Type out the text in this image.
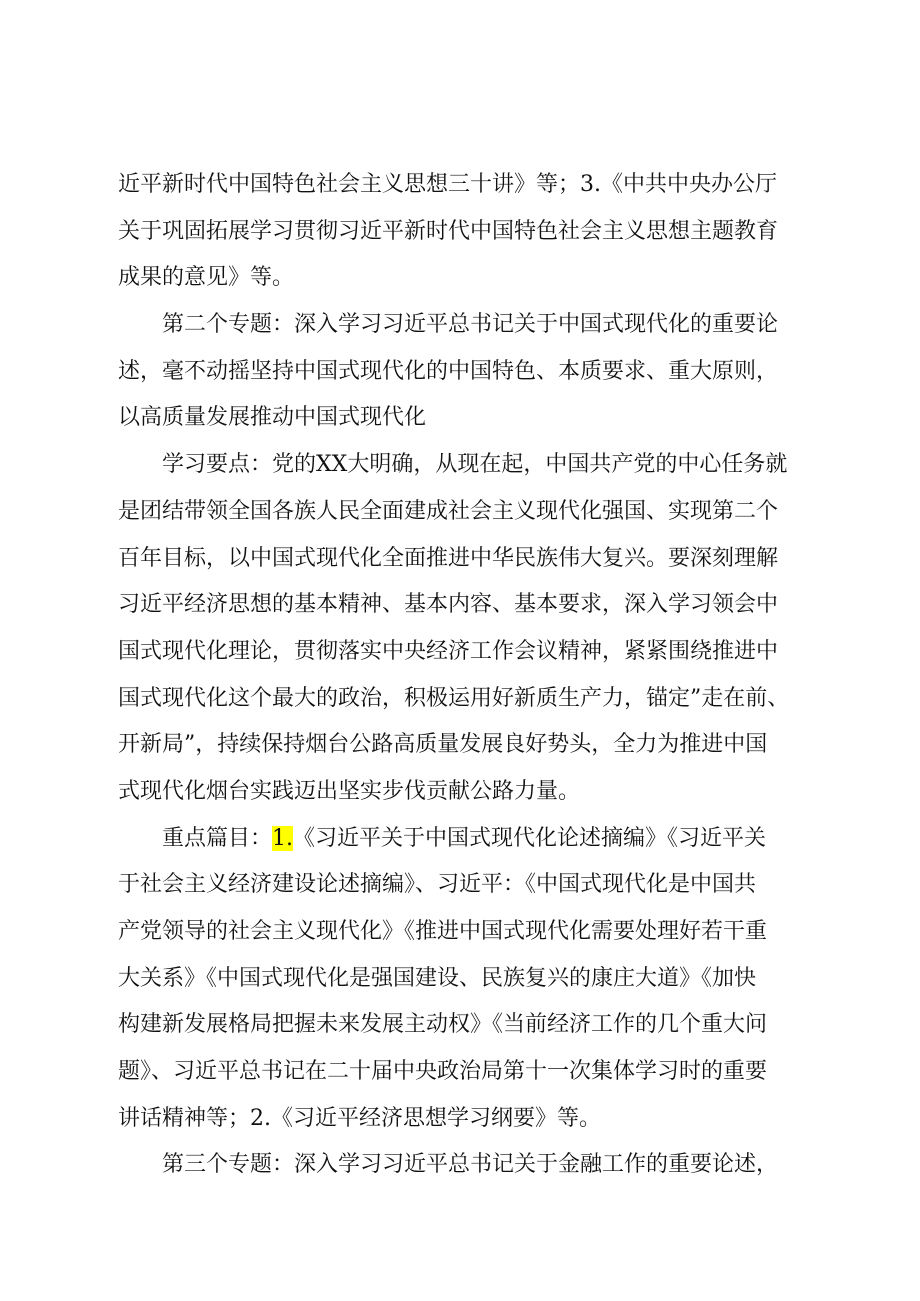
近平新时代中国特色社会主义思想三十讲》等；3.《中共中央办公厅
关于巩固拓展学习贯彻习近平新时代中国特色社会主义思想主题教育
成果的意见》等。
　　第二个专题：深入学习习近平总书记关于中国式现代化的重要论
述，毫不动摇坚持中国式现代化的中国特色、本质要求、重大原则，
以高质量发展推动中国式现代化
　　学习要点：党的XX大明确，从现在起，中国共产党的中心任务就
是团结带领全国各族人民全面建成社会主义现代化强国、实现第二个
百年目标，以中国式现代化全面推进中华民族伟大复兴。要深刻理解
习近平经济思想的基本精神、基本内容、基本要求，深入学习领会中
国式现代化理论，贯彻落实中央经济工作会议精神，紧紧围绕推进中
国式现代化这个最大的政治，积极运用好新质生产力，锚定”走在前、
开新局”，持续保持烟台公路高质量发展良好势头，全力为推进中国
式现代化烟台实践迈出坚实步伐贡献公路力量。
　　重点篇目：1.《习近平关于中国式现代化论述摘编》《习近平关
于社会主义经济建设论述摘编》、习近平：《中国式现代化是中国共
产党领导的社会主义现代化》《推进中国式现代化需要处理好若干重
大关系》《中国式现代化是强国建设、民族复兴的康庄大道》《加快
构建新发展格局把握未来发展主动权》《当前经济工作的几个重大问
题》、习近平总书记在二十届中央政治局第十一次集体学习时的重要
讲话精神等；2.《习近平经济思想学习纲要》等。
　　第三个专题：深入学习习近平总书记关于金融工作的重要论述，
